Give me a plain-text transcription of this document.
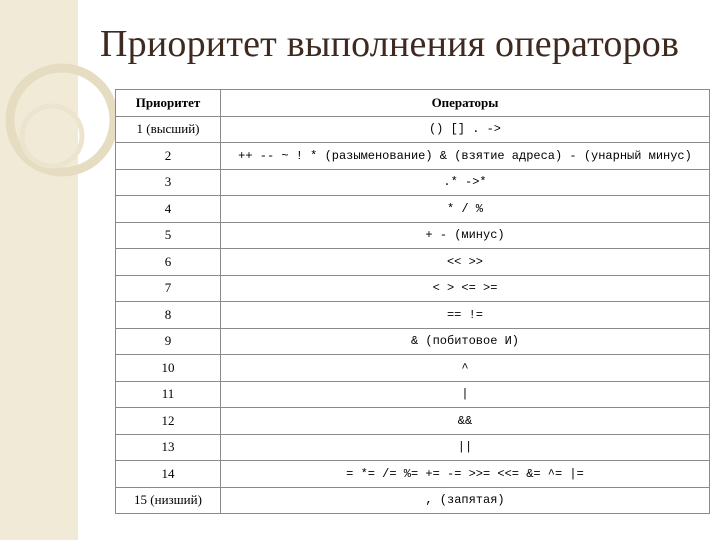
Приоритет выполнения операторов
Приоритет	Операторы
1 (высший)	() [] . ->
2	++ -- ~ ! * (разыменование) & (взятие адреса) - (унарный минус)
3	.* ->*
4	* / %
5	+ - (минус)
6	<< >>
7	< > <= >=
8	== !=
9	& (побитовое И)
10	^
11	|
12	&&
13	||
14	= *= /= %= += -= >>= <<= &= ^= |=
15 (низший)	, (запятая)
